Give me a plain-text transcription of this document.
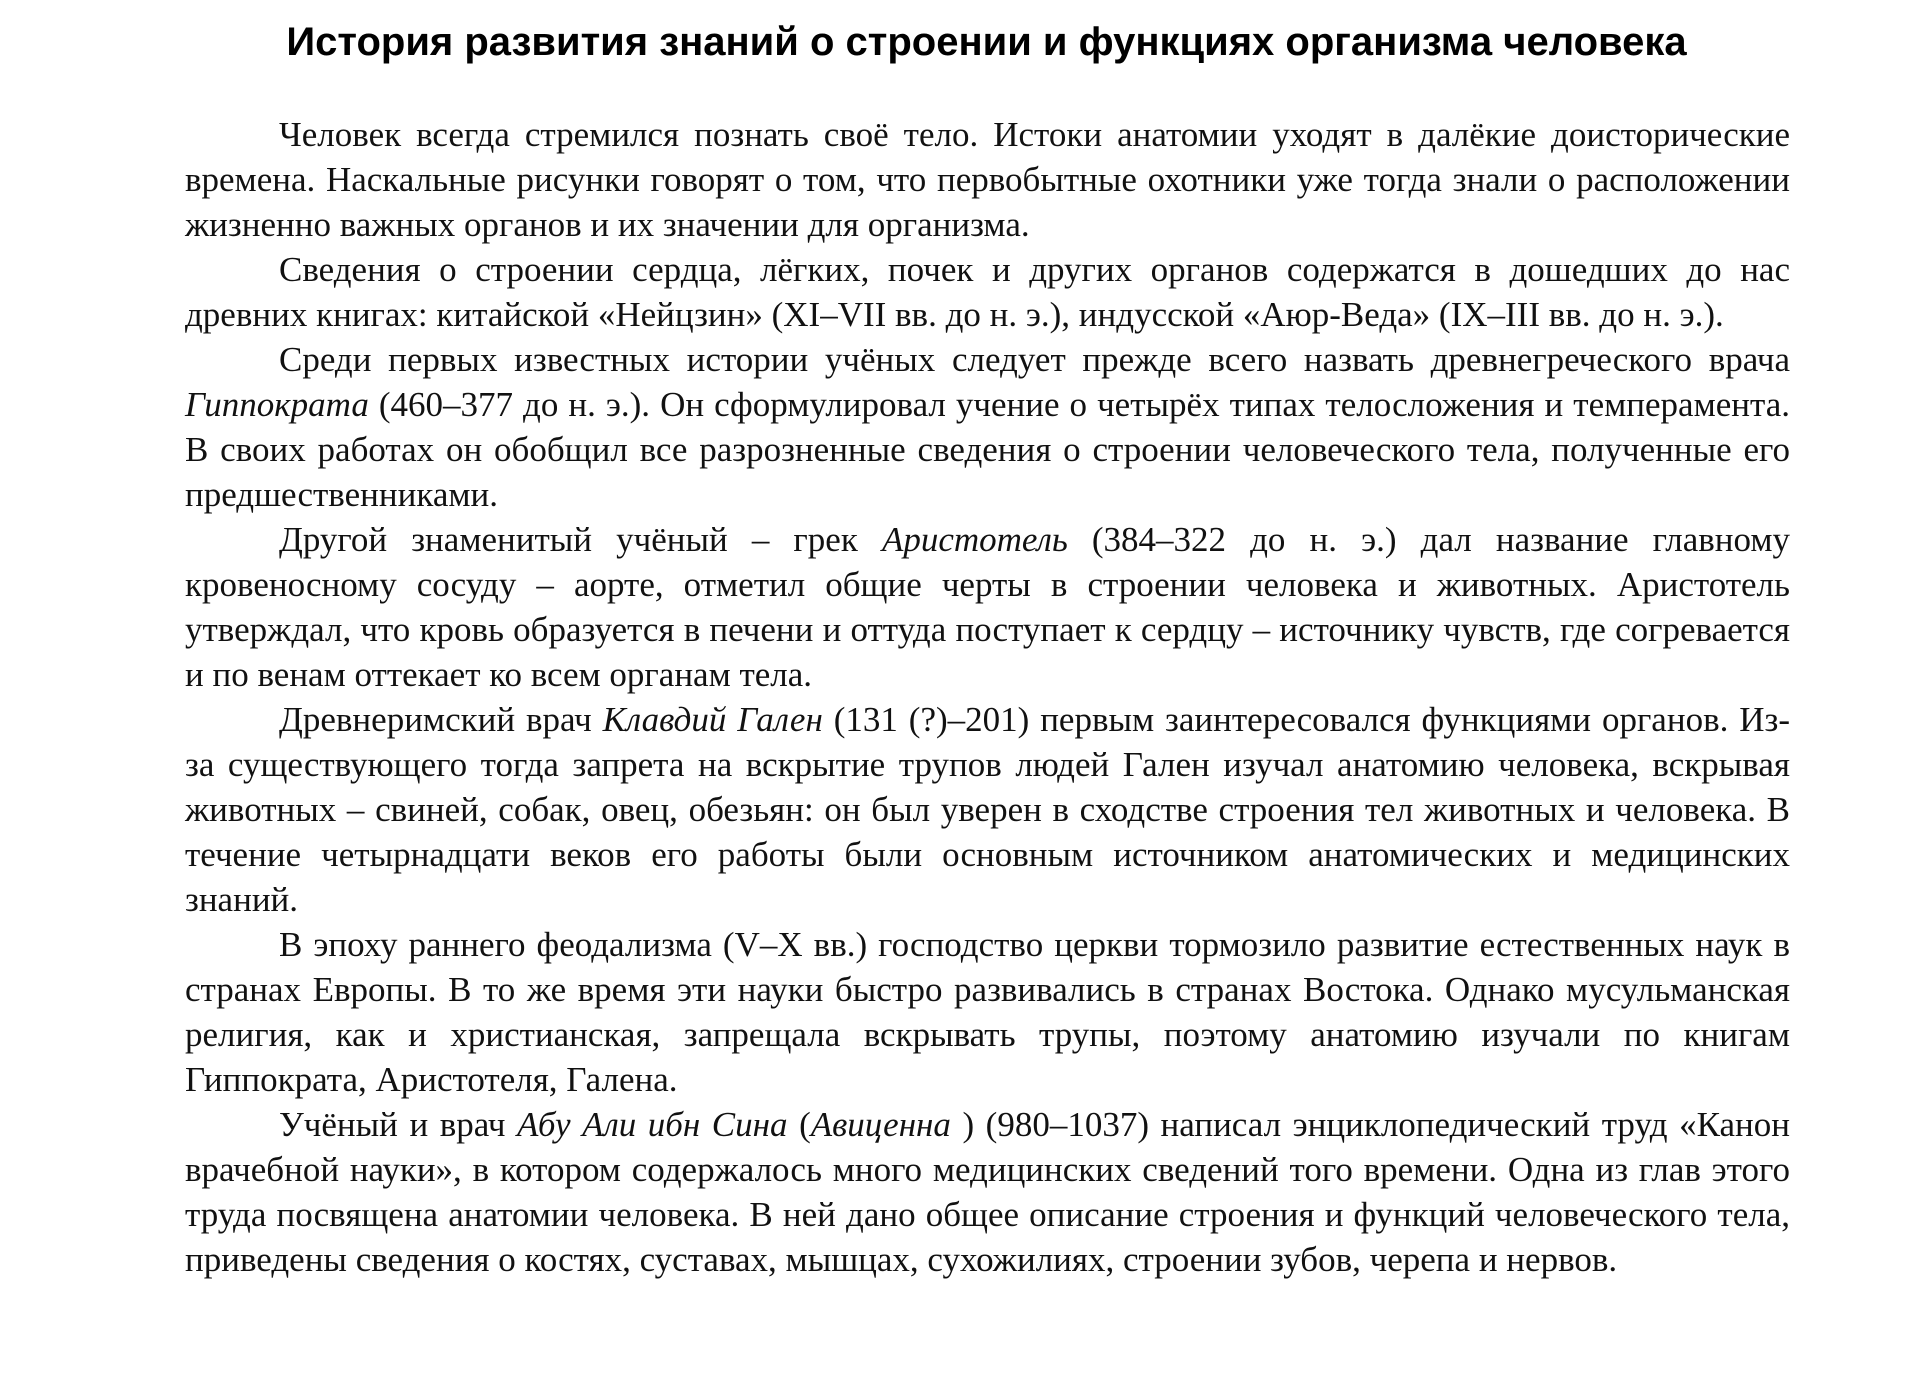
История развития знаний о строении и функциях организма человека

Человек всегда стремился познать своё тело. Истоки анатомии уходят в далёкие доисторические времена. Наскальные рисунки говорят о том, что первобытные охотники уже тогда знали о расположении жизненно важных органов и их значении для организма.

Сведения о строении сердца, лёгких, почек и других органов содержатся в дошедших до нас древних книгах: китайской «Нейцзин» (XI–VII вв. до н. э.), индусской «Аюр-Веда» (IX–III вв. до н. э.).

Среди первых известных истории учёных следует прежде всего назвать древнегреческого врача Гиппократа (460–377 до н. э.). Он сформулировал учение о четырёх типах телосложения и темперамента. В своих работах он обобщил все разрозненные сведения о строении человеческого тела, полученные его предшественниками.

Другой знаменитый учёный – грек Аристотель (384–322 до н. э.) дал название главному кровеносному сосуду – аорте, отметил общие черты в строении человека и животных. Аристотель утверждал, что кровь образуется в печени и оттуда поступает к сердцу – источнику чувств, где согревается и по венам оттекает ко всем органам тела.

Древнеримский врач Клавдий Гален (131 (?)–201) первым заинтересовался функциями органов. Из-за существующего тогда запрета на вскрытие трупов людей Гален изучал анатомию человека, вскрывая животных – свиней, собак, овец, обезьян: он был уверен в сходстве строения тел животных и человека. В течение четырнадцати веков его работы были основным источником анатомических и медицинских знаний.

В эпоху раннего феодализма (V–X вв.) господство церкви тормозило развитие естественных наук в странах Европы. В то же время эти науки быстро развивались в странах Востока. Однако мусульманская религия, как и христианская, запрещала вскрывать трупы, поэтому анатомию изучали по книгам Гиппократа, Аристотеля, Галена.

Учёный и врач Абу Али ибн Сина (Авиценна ) (980–1037) написал энциклопедический труд «Канон врачебной науки», в котором содержалось много медицинских сведений того времени. Одна из глав этого труда посвящена анатомии человека. В ней дано общее описание строения и функций человеческого тела, приведены сведения о костях, суставах, мышцах, сухожилиях, строении зубов, черепа и нервов.
